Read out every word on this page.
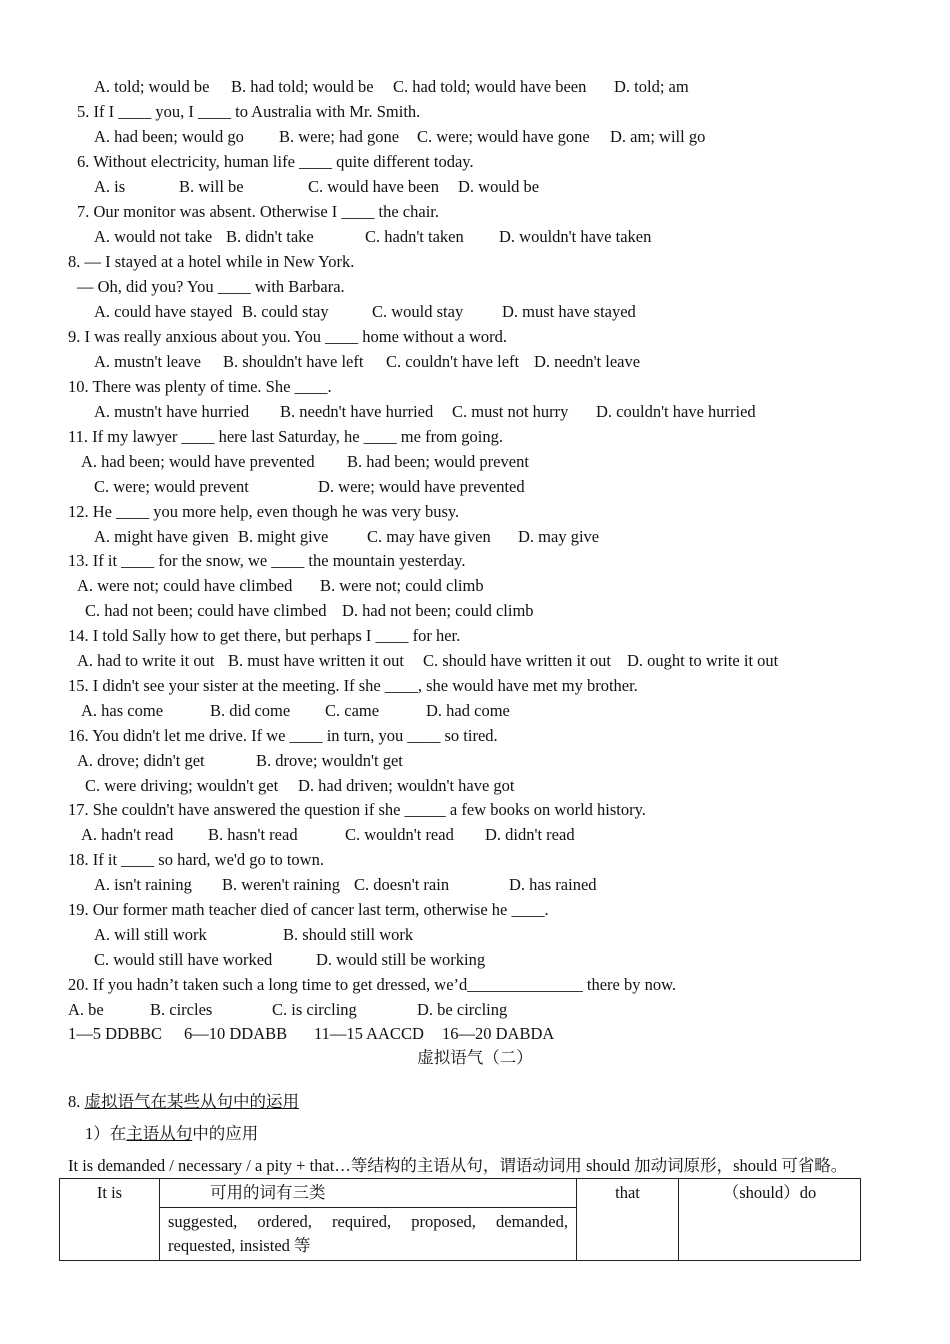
A. told; would be B. had told; would be C. had told; would have been D. told; am
5. If I ____ you, I ____ to Australia with Mr. Smith.
A. had been; would go B. were; had gone C. were; would have gone D. am; will go
6. Without electricity, human life ____ quite different today.
A. is	B. will be	C. would have been D. would be
7. Our monitor was absent. Otherwise I ____ the chair.
A. would not take B. didn't take	C. hadn't taken D. wouldn't have taken
8. — I stayed at a hotel while in New York.
— Oh, did you? You ____ with Barbara.
A. could have stayed B. could stay	C. would stay D. must have stayed
9. I was really anxious about you. You ____ home without a word.
A. mustn't leave B. shouldn't have left C. couldn't have left D. needn't leave
10. There was plenty of time. She ____.
A. mustn't have hurried B. needn't have hurried C. must not hurry D. couldn't have hurried
11. If my lawyer ____ here last Saturday, he ____ me from going.
A. had been; would have prevented B. had been; would prevent
C. were; would prevent	D. were; would have prevented
12. He ____ you more help, even though he was very busy.
A. might have given B. might give C. may have given D. may give
13. If it ____ for the snow, we ____ the mountain yesterday.
A. were not; could have climbed B. were not; could climb
C. had not been; could have climbed D. had not been; could climb
14. I told Sally how to get there, but perhaps I ____ for her.
A. had to write it out B. must have written it out C. should have written it out D. ought to write it out
15. I didn't see your sister at the meeting. If she ____, she would have met my brother.
A. has come	B. did come C. came	D. had come
16. You didn't let me drive. If we ____ in turn, you ____ so tired.
A. drove; didn't get	B. drove; wouldn't get
C. were driving; wouldn't get D. had driven; wouldn't have got
17. She couldn't have answered the question if she _____ a few books on world history.
A. hadn't read B. hasn't read	C. wouldn't read D. didn't read
18. If it ____ so hard, we'd go to town.
A. isn't raining B. weren't raining C. doesn't rain	D. has rained
19. Our former math teacher died of cancer last term, otherwise he ____.
A. will still work	B. should still work
C. would still have worked	D. would still be working
20. If you hadn’t taken such a long time to get dressed, we’d______________ there by now.
A. be	B. circles	C. is circling	D. be circling
1—5 DDBBC 6—10 DDABB 11—15 AACCD 16—20 DABDA
虚拟语气（二）
8. 虚拟语气在某些从句中的运用
1）在主语从句中的应用
It is demanded / necessary / a pity + that…等结构的主语从句，谓语动词用 should 加动词原形，should 可省略。
It is	可用的词有三类	that	（should）do
suggested, ordered, required, proposed, demanded, requested, insisted 等
